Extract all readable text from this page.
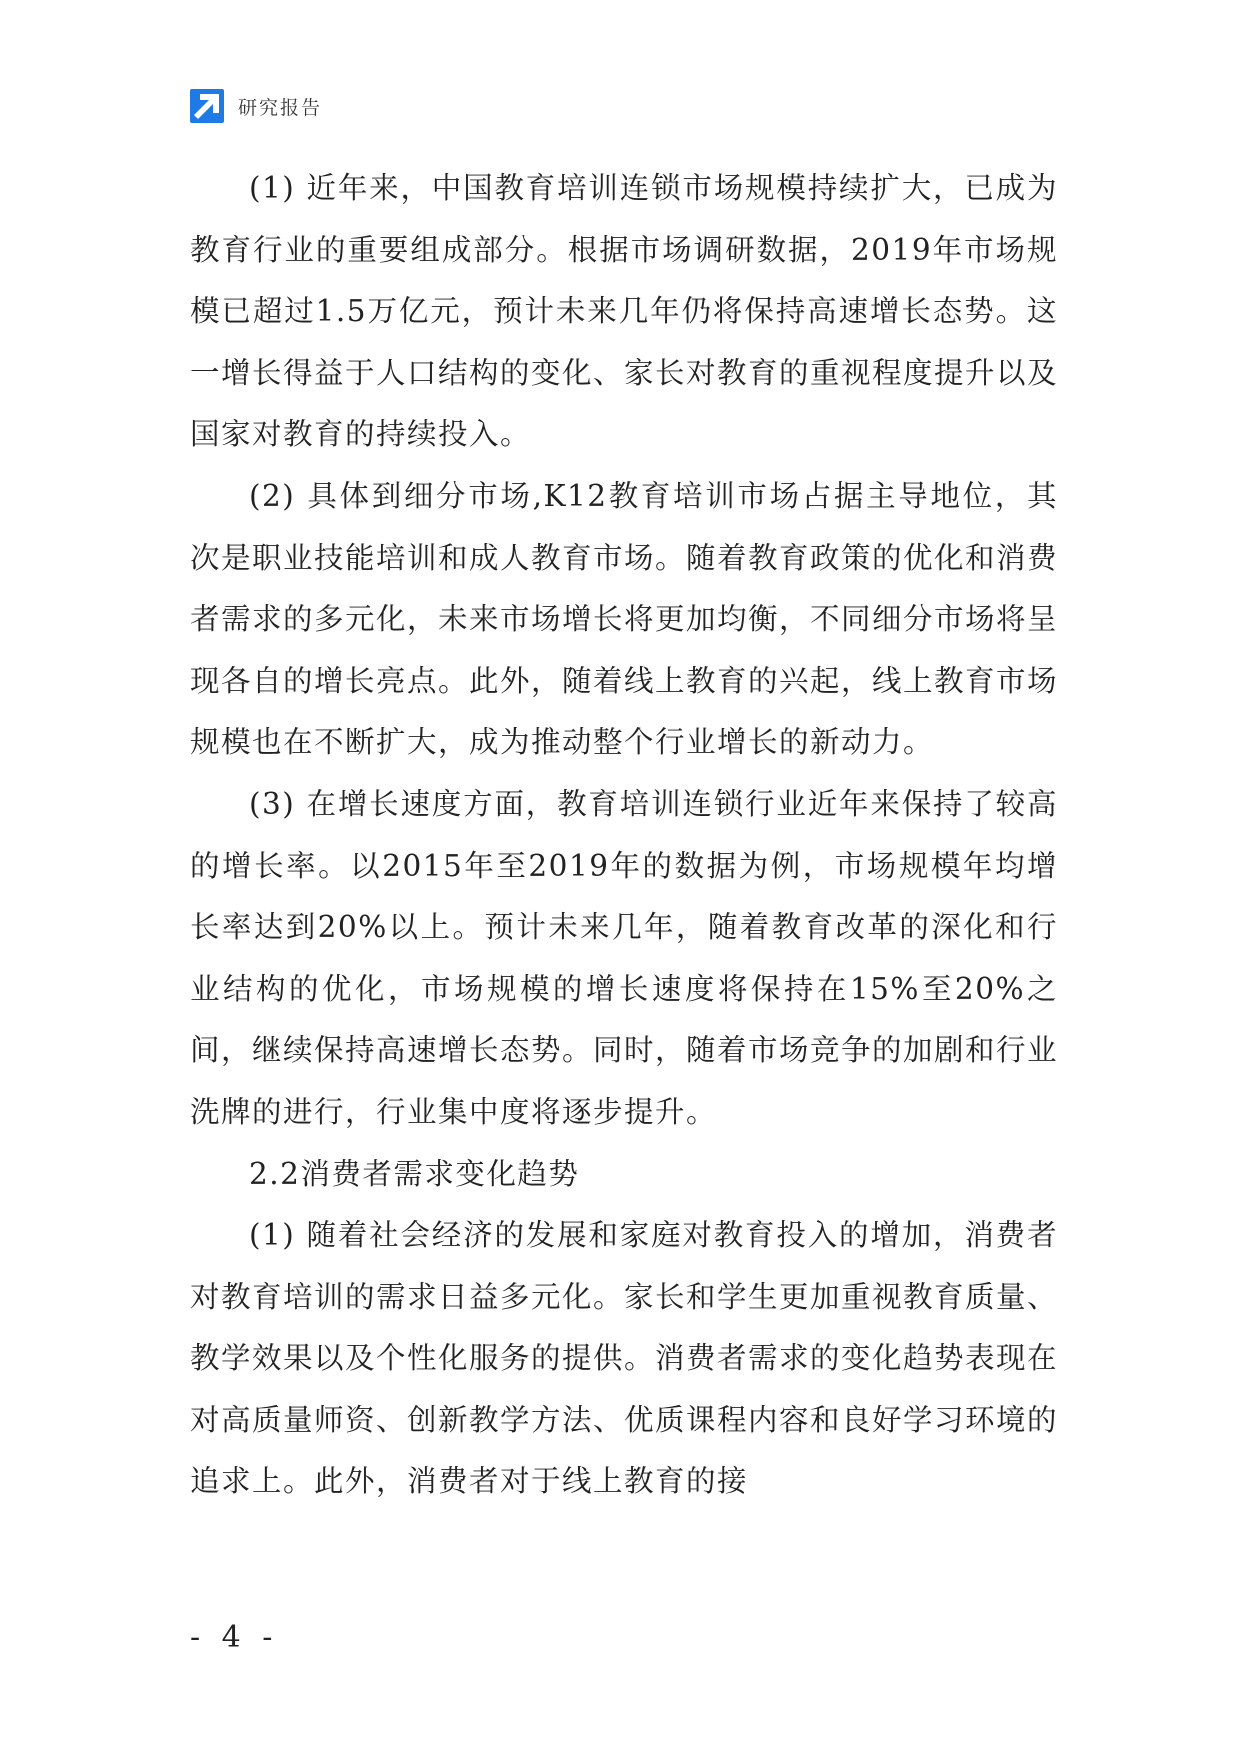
研究报告

(1) 近年来，中国教育培训连锁市场规模持续扩大，已成为教育行业的重要组成部分。根据市场调研数据，2019年市场规模已超过1.5万亿元，预计未来几年仍将保持高速增长态势。这一增长得益于人口结构的变化、家长对教育的重视程度提升以及国家对教育的持续投入。

(2) 具体到细分市场,K12教育培训市场占据主导地位，其次是职业技能培训和成人教育市场。随着教育政策的优化和消费者需求的多元化，未来市场增长将更加均衡，不同细分市场将呈现各自的增长亮点。此外，随着线上教育的兴起，线上教育市场规模也在不断扩大，成为推动整个行业增长的新动力。

(3) 在增长速度方面，教育培训连锁行业近年来保持了较高的增长率。以2015年至2019年的数据为例，市场规模年均增长率达到20%以上。预计未来几年，随着教育改革的深化和行业结构的优化，市场规模的增长速度将保持在15%至20%之间，继续保持高速增长态势。同时，随着市场竞争的加剧和行业洗牌的进行，行业集中度将逐步提升。

2.2消费者需求变化趋势

(1) 随着社会经济的发展和家庭对教育投入的增加，消费者对教育培训的需求日益多元化。家长和学生更加重视教育质量、教学效果以及个性化服务的提供。消费者需求的变化趋势表现在对高质量师资、创新教学方法、优质课程内容和良好学习环境的追求上。此外，消费者对于线上教育的接

- 4 -
